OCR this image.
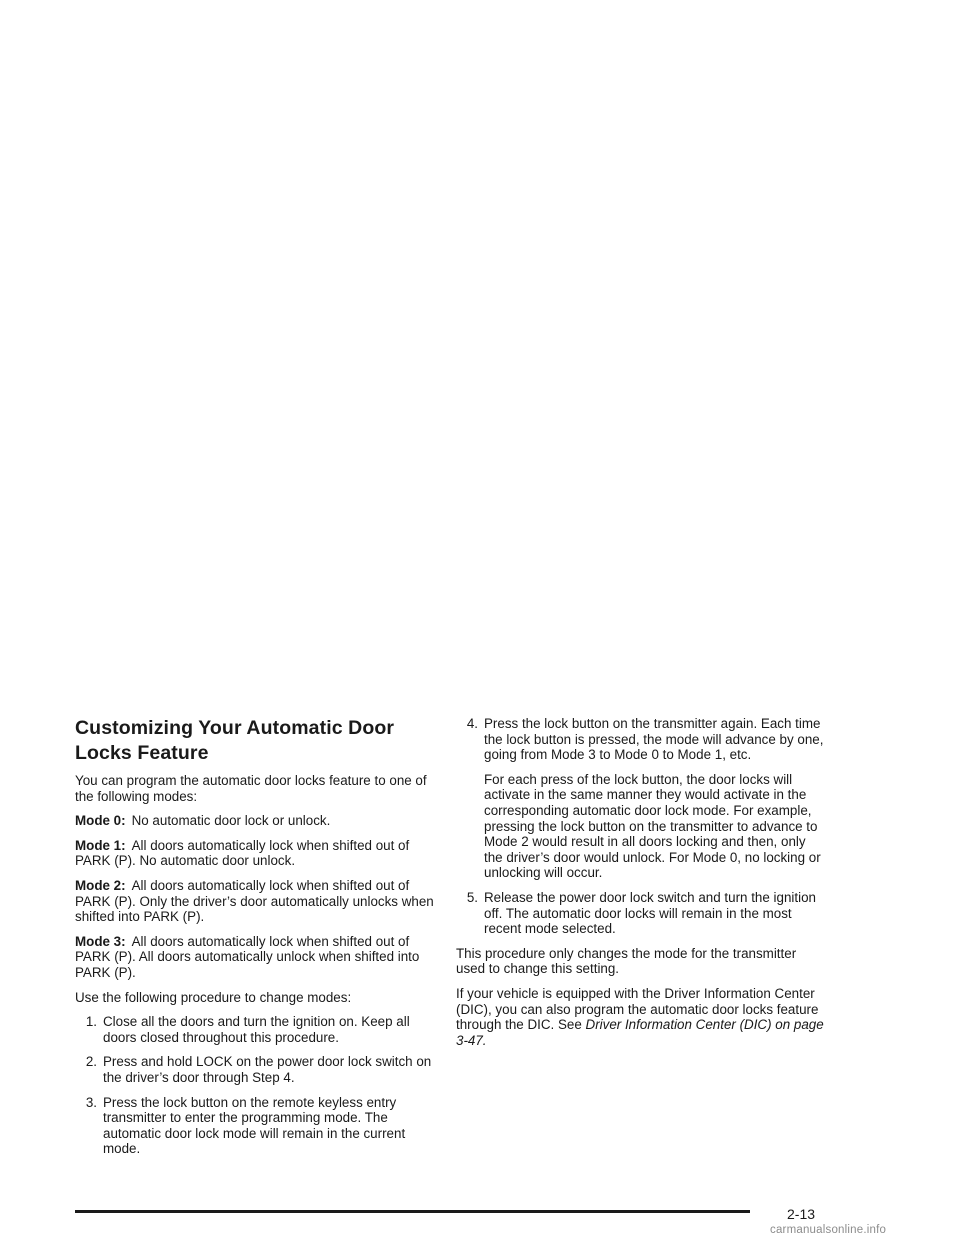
Customizing Your Automatic Door Locks Feature

You can program the automatic door locks feature to one of the following modes:

Mode 0: No automatic door lock or unlock.
Mode 1: All doors automatically lock when shifted out of PARK (P). No automatic door unlock.
Mode 2: All doors automatically lock when shifted out of PARK (P). Only the driver’s door automatically unlocks when shifted into PARK (P).
Mode 3: All doors automatically lock when shifted out of PARK (P). All doors automatically unlock when shifted into PARK (P).

Use the following procedure to change modes:

1. Close all the doors and turn the ignition on. Keep all doors closed throughout this procedure.
2. Press and hold LOCK on the power door lock switch on the driver’s door through Step 4.
3. Press the lock button on the remote keyless entry transmitter to enter the programming mode. The automatic door lock mode will remain in the current mode.
4. Press the lock button on the transmitter again. Each time the lock button is pressed, the mode will advance by one, going from Mode 3 to Mode 0 to Mode 1, etc.
For each press of the lock button, the door locks will activate in the same manner they would activate in the corresponding automatic door lock mode. For example, pressing the lock button on the transmitter to advance to Mode 2 would result in all doors locking and then, only the driver’s door would unlock. For Mode 0, no locking or unlocking will occur.
5. Release the power door lock switch and turn the ignition off. The automatic door locks will remain in the most recent mode selected.

This procedure only changes the mode for the transmitter used to change this setting.

If your vehicle is equipped with the Driver Information Center (DIC), you can also program the automatic door locks feature through the DIC. See Driver Information Center (DIC) on page 3-47.

2-13
carmanualsonline.info
